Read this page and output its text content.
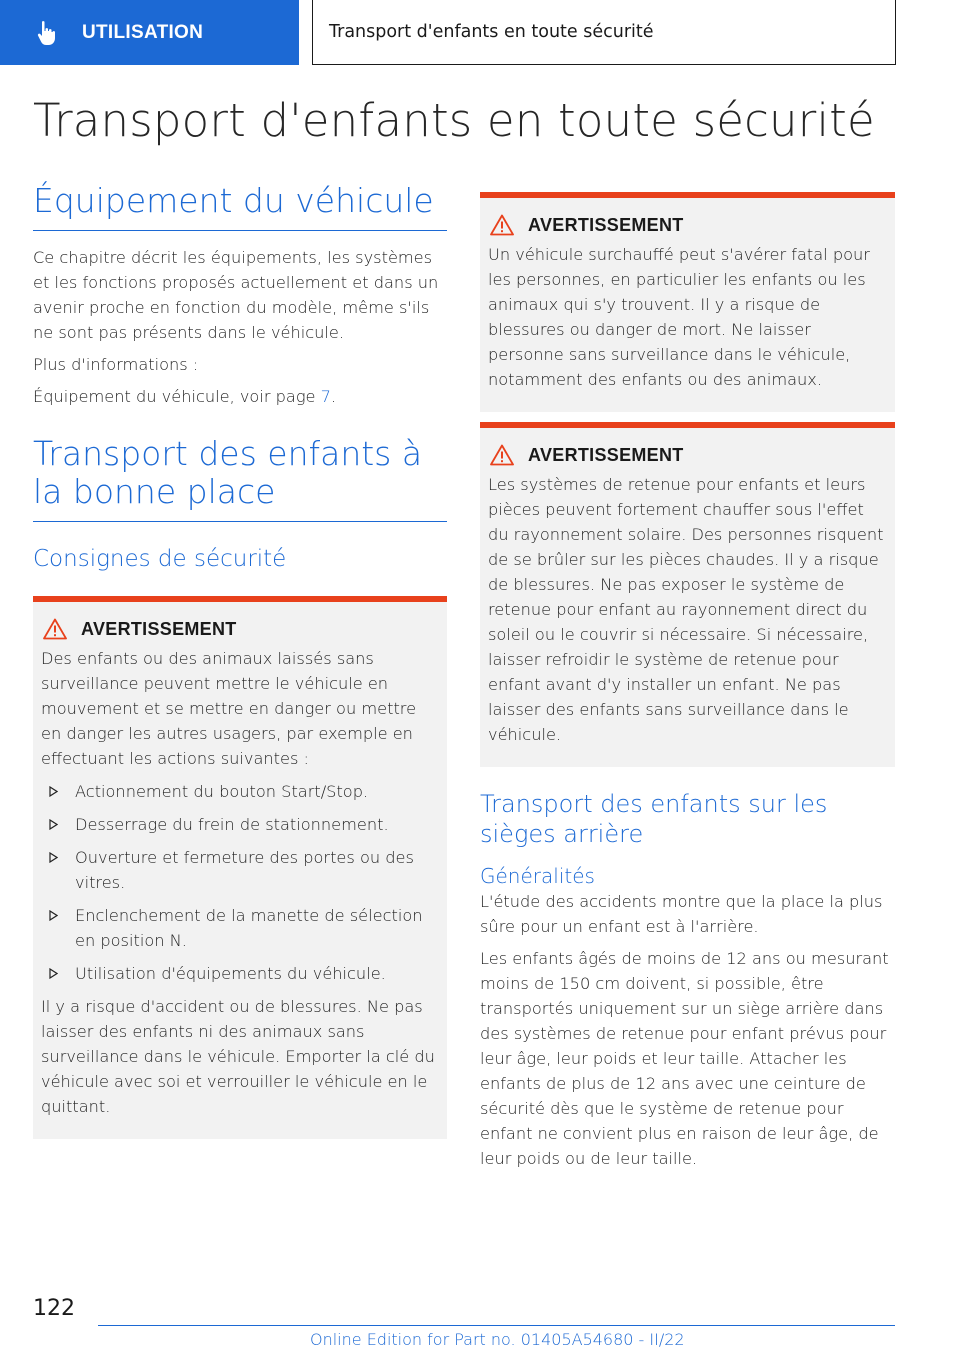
UTILISATION	Transport d'enfants en toute sécurité
Transport d'enfants en toute sécurité
Équipement du véhicule
Ce chapitre décrit les équipements, les systèmes et les fonctions proposés actuellement et dans un avenir proche en fonction du modèle, même s'ils ne sont pas présents dans le véhicule.
Plus d'informations :
Équipement du véhicule, voir page 7.
Transport des enfants à la bonne place
Consignes de sécurité
AVERTISSEMENT
Des enfants ou des animaux laissés sans surveillance peuvent mettre le véhicule en mouvement et se mettre en danger ou mettre en danger les autres usagers, par exemple en effectuant les actions suivantes :
Actionnement du bouton Start/Stop.
Desserrage du frein de stationnement.
Ouverture et fermeture des portes ou des vitres.
Enclenchement de la manette de sélection en position N.
Utilisation d'équipements du véhicule.
Il y a risque d'accident ou de blessures. Ne pas laisser des enfants ni des animaux sans surveillance dans le véhicule. Emporter la clé du véhicule avec soi et verrouiller le véhicule en le quittant.
AVERTISSEMENT
Un véhicule surchauffé peut s'avérer fatal pour les personnes, en particulier les enfants ou les animaux qui s'y trouvent. Il y a risque de blessures ou danger de mort. Ne laisser personne sans surveillance dans le véhicule, notamment des enfants ou des animaux.
AVERTISSEMENT
Les systèmes de retenue pour enfants et leurs pièces peuvent fortement chauffer sous l'effet du rayonnement solaire. Des personnes risquent de se brûler sur les pièces chaudes. Il y a risque de blessures. Ne pas exposer le système de retenue pour enfant au rayonnement direct du soleil ou le couvrir si nécessaire. Si nécessaire, laisser refroidir le système de retenue pour enfant avant d'y installer un enfant. Ne pas laisser des enfants sans surveillance dans le véhicule.
Transport des enfants sur les sièges arrière
Généralités
L'étude des accidents montre que la place la plus sûre pour un enfant est à l'arrière.
Les enfants âgés de moins de 12 ans ou mesurant moins de 150 cm doivent, si possible, être transportés uniquement sur un siège arrière dans des systèmes de retenue pour enfant prévus pour leur âge, leur poids et leur taille. Attacher les enfants de plus de 12 ans avec une ceinture de sécurité dès que le système de retenue pour enfant ne convient plus en raison de leur âge, de leur poids ou de leur taille.
122
Online Edition for Part no. 01405A54680 - II/22
